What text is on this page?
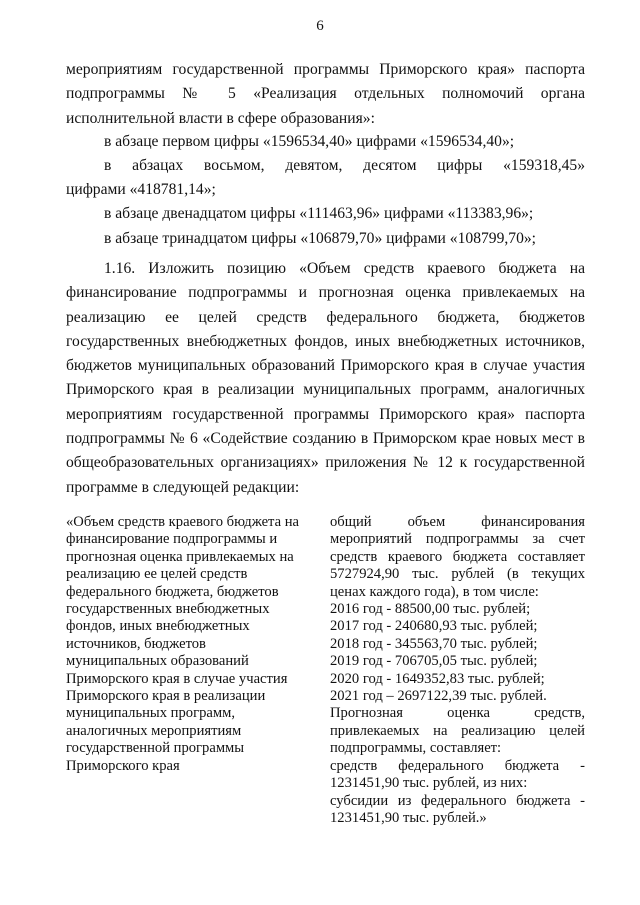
6
мероприятиям государственной программы Приморского края» паспорта
подпрограммы № 5 «Реализация отдельных полномочий органа
исполнительной власти в сфере образования»:
в абзаце первом цифры «1596534,40» цифрами «1596534,40»;
в абзацах восьмом, девятом, десятом цифры «159318,45»
цифрами «418781,14»;
в абзаце двенадцатом цифры «111463,96» цифрами «113383,96»;
в абзаце тринадцатом цифры «106879,70» цифрами «108799,70»;
1.16. Изложить позицию «Объем средств краевого бюджета на
финансирование подпрограммы и прогнозная оценка привлекаемых на
реализацию ее целей средств федерального бюджета, бюджетов
государственных внебюджетных фондов, иных внебюджетных источников,
бюджетов муниципальных образований Приморского края в случае участия
Приморского края в реализации муниципальных программ, аналогичных
мероприятиям государственной программы Приморского края» паспорта
подпрограммы № 6 «Содействие созданию в Приморском крае новых мест в
общеобразовательных организациях» приложения № 12 к государственной
программе в следующей редакции:
«Объем средств краевого бюджета на
финансирование подпрограммы и
прогнозная оценка привлекаемых на
реализацию ее целей средств
федерального бюджета, бюджетов
государственных внебюджетных
фондов, иных внебюджетных
источников, бюджетов
муниципальных образований
Приморского края в случае участия
Приморского края в реализации
муниципальных программ,
аналогичных мероприятиям
государственной программы
Приморского края
общий объем финансирования
мероприятий подпрограммы за счет
средств краевого бюджета составляет
5727924,90 тыс. рублей (в текущих
ценах каждого года), в том числе:
2016 год - 88500,00 тыс. рублей;
2017 год - 240680,93 тыс. рублей;
2018 год - 345563,70 тыс. рублей;
2019 год - 706705,05 тыс. рублей;
2020 год - 1649352,83 тыс. рублей;
2021 год – 2697122,39 тыс. рублей.
Прогнозная оценка средств,
привлекаемых на реализацию целей
подпрограммы, составляет:
средств федерального бюджета -
1231451,90 тыс. рублей, из них:
субсидии из федерального бюджета -
1231451,90 тыс. рублей.»
